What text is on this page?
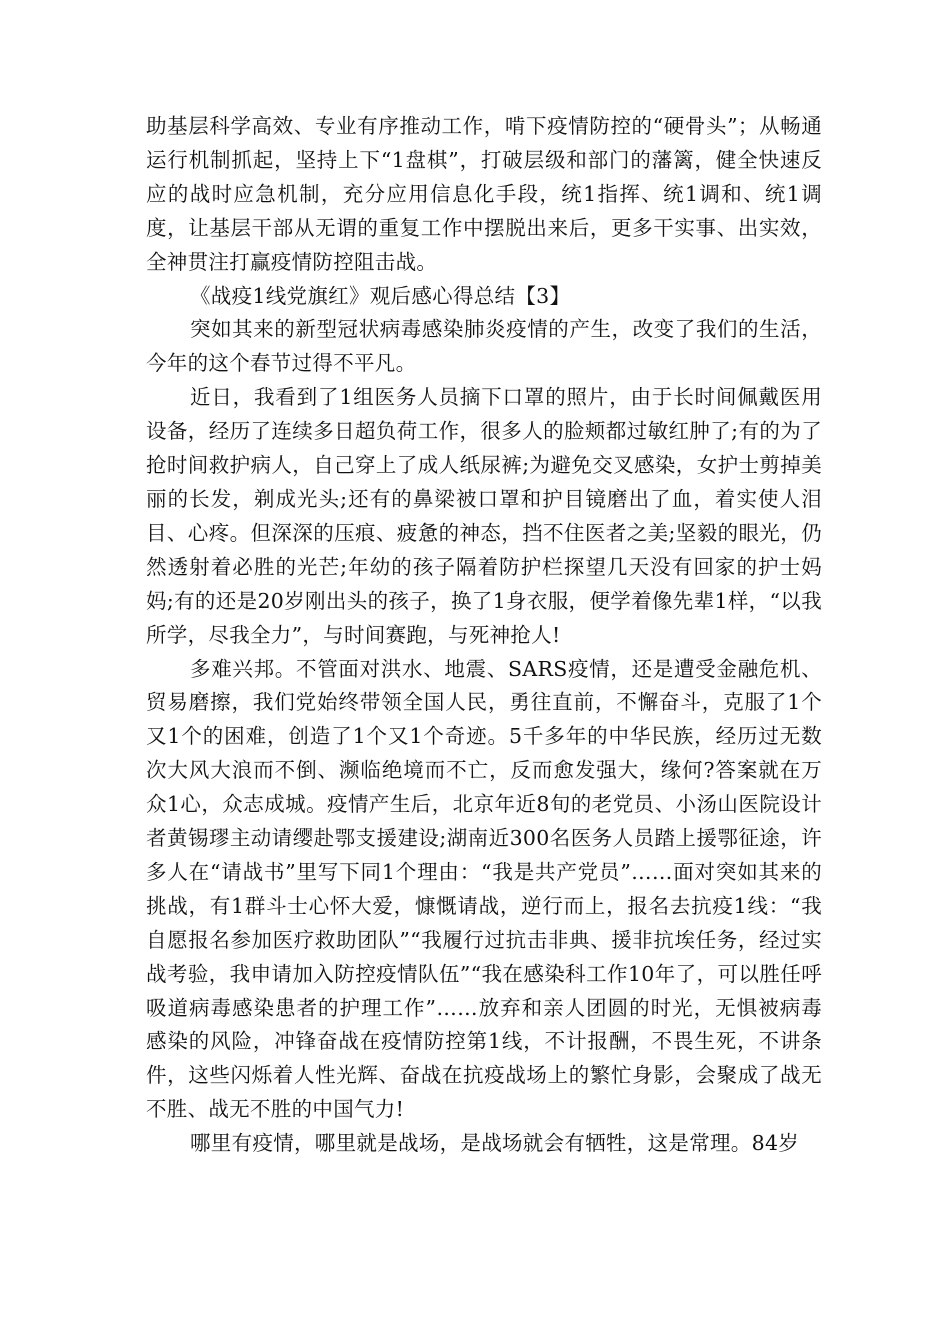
助基层科学高效、专业有序推动工作，啃下疫情防控的“硬骨头”；从畅通运行机制抓起，坚持上下“1盘棋”，打破层级和部门的藩篱，健全快速反应的战时应急机制，充分应用信息化手段，统1指挥、统1调和、统1调度，让基层干部从无谓的重复工作中摆脱出来后，更多干实事、出实效，全神贯注打赢疫情防控阻击战。

《战疫1线党旗红》观后感心得总结【3】

突如其来的新型冠状病毒感染肺炎疫情的产生，改变了我们的生活，今年的这个春节过得不平凡。

近日，我看到了1组医务人员摘下口罩的照片，由于长时间佩戴医用设备，经历了连续多日超负荷工作，很多人的脸颊都过敏红肿了;有的为了抢时间救护病人，自己穿上了成人纸尿裤;为避免交叉感染，女护士剪掉美丽的长发，剃成光头;还有的鼻梁被口罩和护目镜磨出了血，着实使人泪目、心疼。但深深的压痕、疲惫的神态，挡不住医者之美;坚毅的眼光，仍然透射着必胜的光芒;年幼的孩子隔着防护栏探望几天没有回家的护士妈妈;有的还是20岁刚出头的孩子，换了1身衣服，便学着像先辈1样，“以我所学，尽我全力”，与时间赛跑，与死神抢人!

多难兴邦。不管面对洪水、地震、SARS疫情，还是遭受金融危机、贸易磨擦，我们党始终带领全国人民，勇往直前，不懈奋斗，克服了1个又1个的困难，创造了1个又1个奇迹。5千多年的中华民族，经历过无数次大风大浪而不倒、濒临绝境而不亡，反而愈发强大，缘何?答案就在万众1心，众志成城。疫情产生后，北京年近8旬的老党员、小汤山医院设计者黄锡璆主动请缨赴鄂支援建设;湖南近300名医务人员踏上援鄂征途，许多人在“请战书”里写下同1个理由：“我是共产党员”……面对突如其来的挑战，有1群斗士心怀大爱，慷慨请战，逆行而上，报名去抗疫1线：“我自愿报名参加医疗救助团队”“我履行过抗击非典、援非抗埃任务，经过实战考验，我申请加入防控疫情队伍”“我在感染科工作10年了，可以胜任呼吸道病毒感染患者的护理工作”……放弃和亲人团圆的时光，无惧被病毒感染的风险，冲锋奋战在疫情防控第1线，不计报酬，不畏生死，不讲条件，这些闪烁着人性光辉、奋战在抗疫战场上的繁忙身影，会聚成了战无不胜、战无不胜的中国气力!

哪里有疫情，哪里就是战场，是战场就会有牺牲，这是常理。84岁
